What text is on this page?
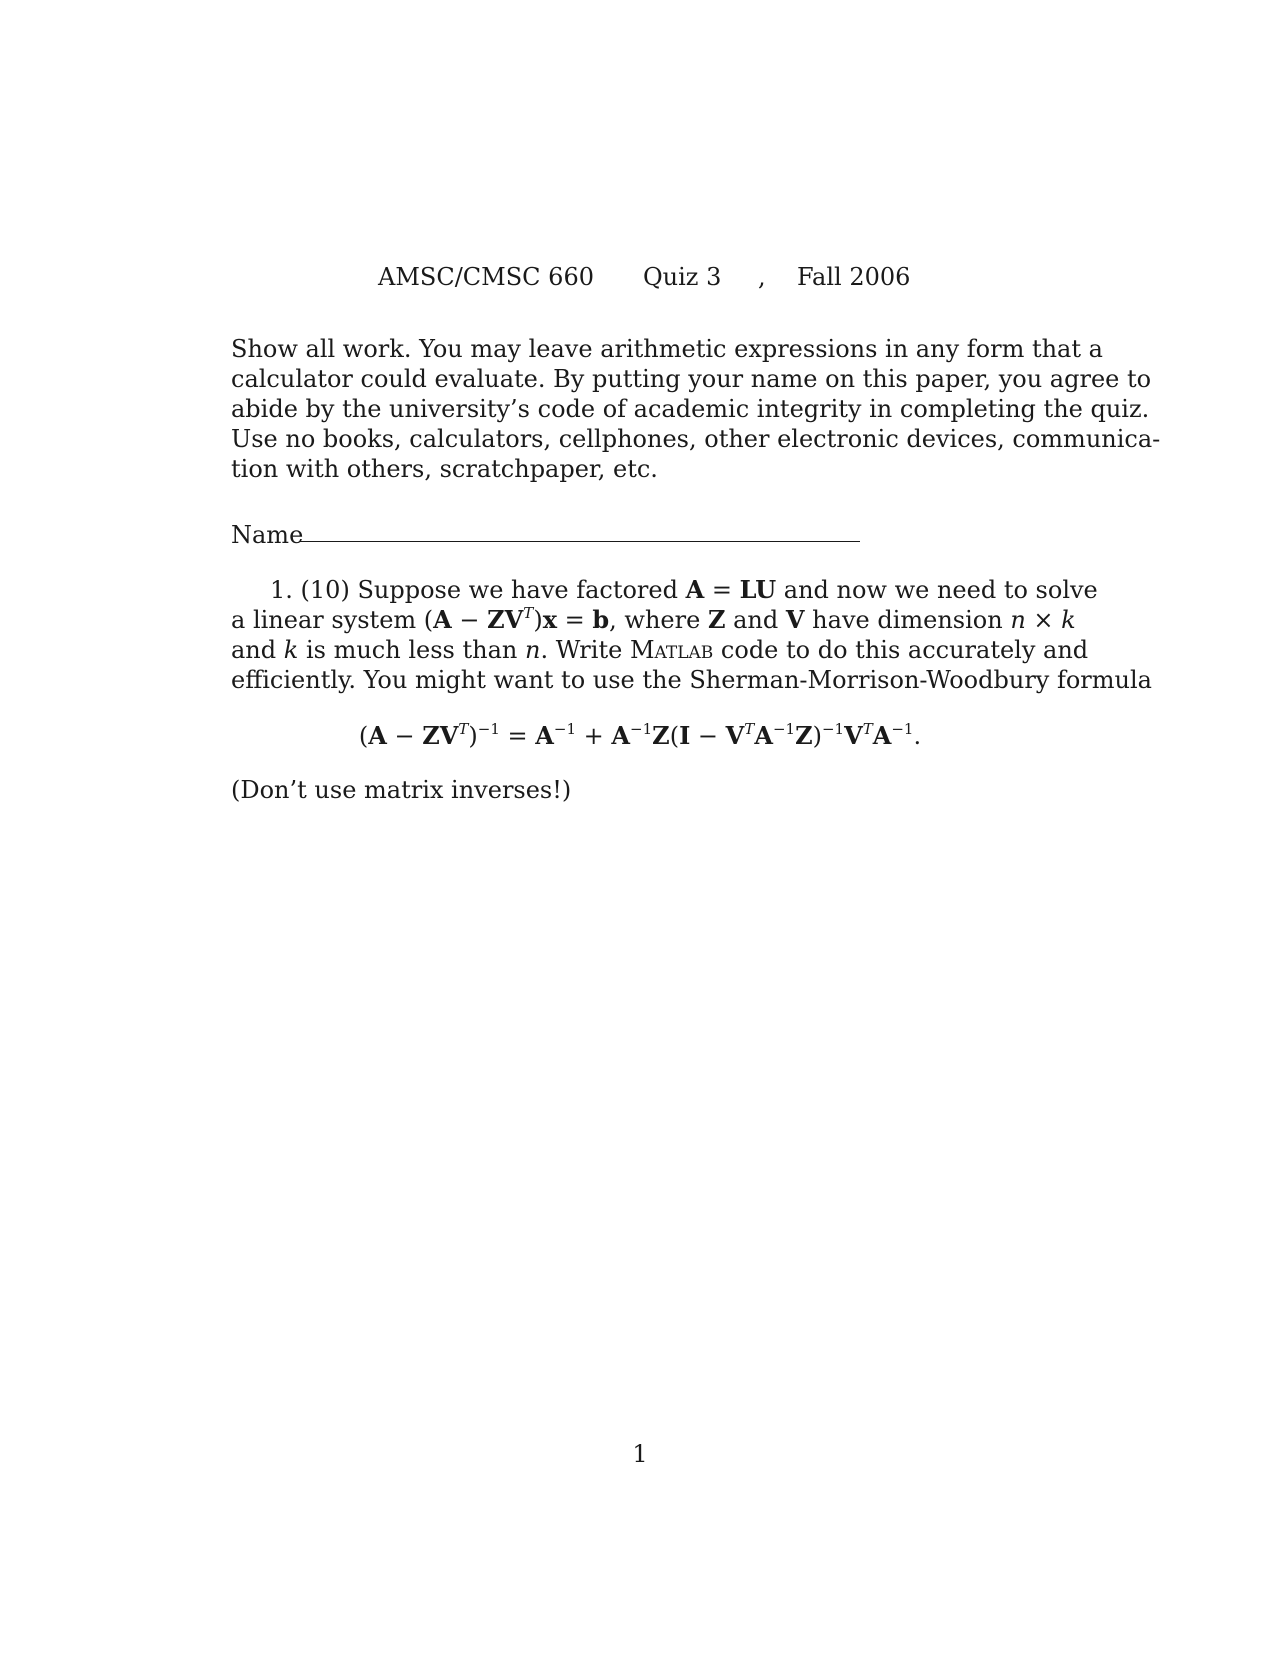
AMSC/CMSC 660 Quiz 3 , Fall 2006
Show all work. You may leave arithmetic expressions in any form that a
calculator could evaluate. By putting your name on this paper, you agree to
abide by the university’s code of academic integrity in completing the quiz.
Use no books, calculators, cellphones, other electronic devices, communica-
tion with others, scratchpaper, etc.
Name
1. (10) Suppose we have factored A = LU and now we need to solve
a linear system $(A - ZV^T)x = b$, where Z and V have dimension n × k
and k is much less than n. Write Matlab code to do this accurately and
efficiently. You might want to use the Sherman-Morrison-Woodbury formula
$(A - ZV^T)^{-1} = A^{-1} + A^{-1}Z(I - V^TA^{-1}Z)^{-1}V^TA^{-1}$.
(Don’t use matrix inverses!)
1
